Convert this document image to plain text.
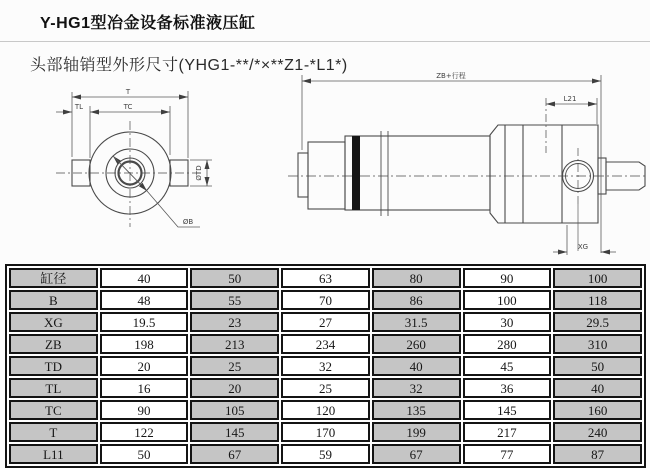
Y-HG1型冶金设备标准液压缸
头部轴销型外形尺寸(YHG1-**/*×**Z1-*L1*)
T
TL	TC
ØTD
ØB
ZB+行程
L21
XG
缸径	40	50	63	80	90	100
B	48	55	70	86	100	118
XG	19.5	23	27	31.5	30	29.5
ZB	198	213	234	260	280	310
TD	20	25	32	40	45	50
TL	16	20	25	32	36	40
TC	90	105	120	135	145	160
T	122	145	170	199	217	240
L11	50	67	59	67	77	87
